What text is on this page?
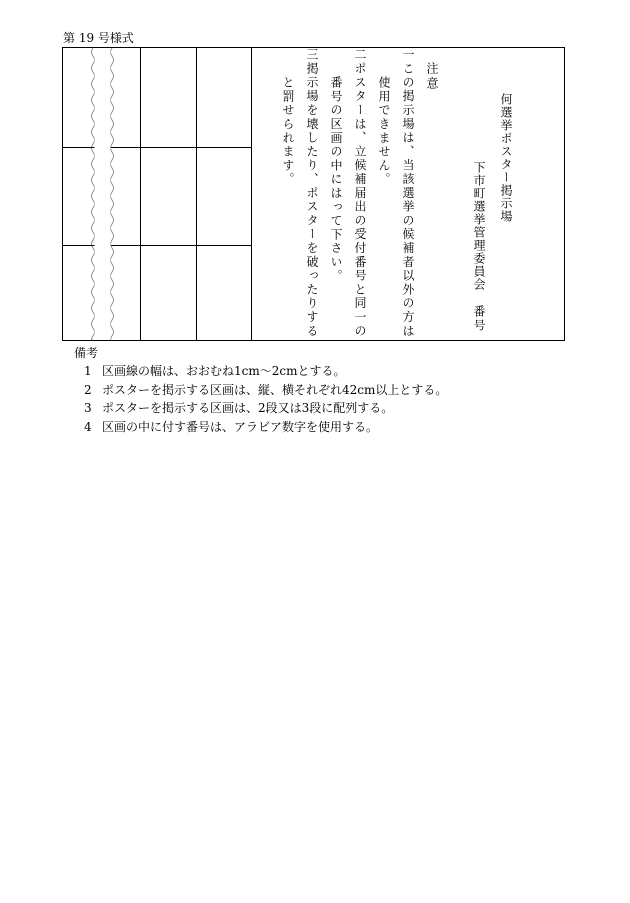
第 19 号様式
何選挙ポスター掲示場
下市町選挙管理委員会
番号

注意

一この掲示場は、当該選挙の候補者以外の方は使用できません。

二ポスターは、立候補届出の受付番号と同一の番号の区画の中にはって下さい。

三掲示場を壊したり、ポスターを破ったりすると罰せられます。

備考
1 区画線の幅は、おおむね1cm～2cmとする。
2 ポスターを掲示する区画は、縦、横それぞれ42cm以上とする。
3 ポスターを掲示する区画は、2段又は3段に配列する。
4 区画の中に付す番号は、アラビア数字を使用する。
